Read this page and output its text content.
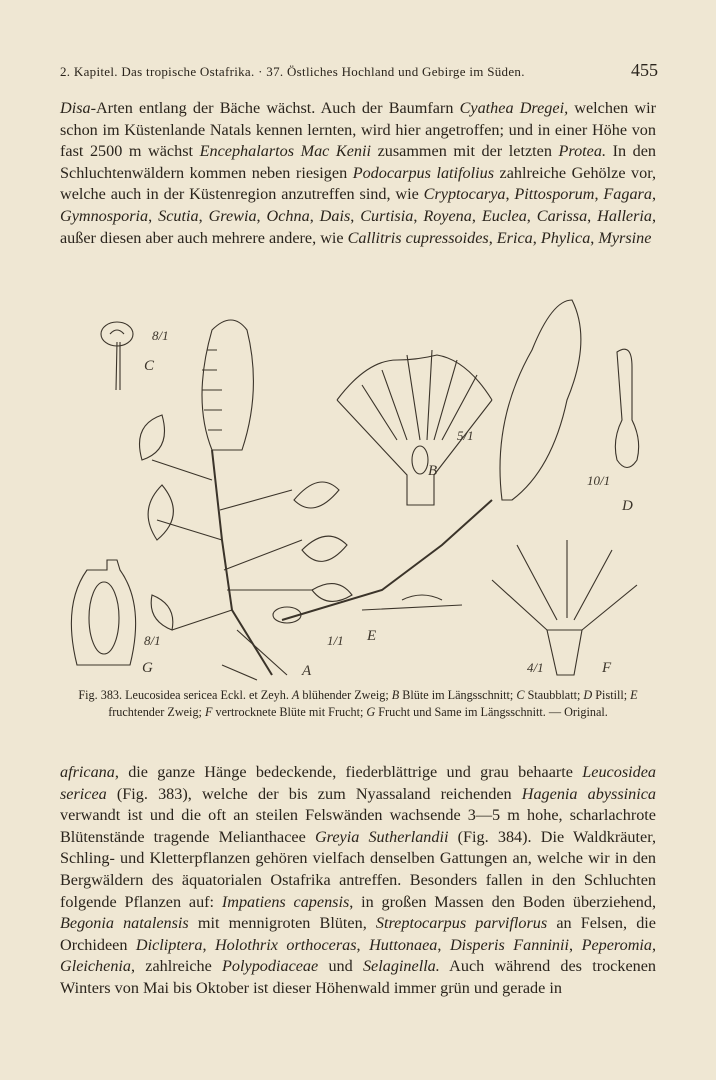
2. Kapitel. Das tropische Ostafrika. · 37. Östliches Hochland und Gebirge im Süden.	455
Disa-Arten entlang der Bäche wächst. Auch der Baumfarn Cyathea Dregei, welchen wir schon im Küstenlande Natals kennen lernten, wird hier angetroffen; und in einer Höhe von fast 2500 m wächst Encephalartos Mac Kenii zusammen mit der letzten Protea. In den Schluchtenwäldern kommen neben riesigen Podocarpus latifolius zahlreiche Gehölze vor, welche auch in der Küstenregion anzutreffen sind, wie Cryptocarya, Pittosporum, Fagara, Gymnosporia, Scutia, Grewia, Ochna, Dais, Curtisia, Royena, Euclea, Carissa, Halleria, außer diesen aber auch mehrere andere, wie Callitris cupressoides, Erica, Phylica, Myrsine
C
8/1
B
5/1
D
10/1
E
1/1
F
4/1
G
8/1
A
Fig. 383. Leucosidea sericea Eckl. et Zeyh. A blühender Zweig; B Blüte im Längsschnitt; C Staubblatt; D Pistill; E fruchtender Zweig; F vertrocknete Blüte mit Frucht; G Frucht und Same im Längsschnitt. — Original.
africana, die ganze Hänge bedeckende, fiederblättrige und grau behaarte Leucosidea sericea (Fig. 383), welche der bis zum Nyassaland reichenden Hagenia abyssinica verwandt ist und die oft an steilen Felswänden wachsende 3—5 m hohe, scharlachrote Blütenstände tragende Melianthacee Greyia Sutherlandii (Fig. 384). Die Waldkräuter, Schling- und Kletterpflanzen gehören vielfach denselben Gattungen an, welche wir in den Bergwäldern des äquatorialen Ostafrika antreffen. Besonders fallen in den Schluchten folgende Pflanzen auf: Impatiens capensis, in großen Massen den Boden überziehend, Begonia natalensis mit mennigroten Blüten, Streptocarpus parviflorus an Felsen, die Orchideen Dicliptera, Holothrix orthoceras, Huttonaea, Disperis Fanninii, Peperomia, Gleichenia, zahlreiche Polypodiaceae und Selaginella. Auch während des trockenen Winters von Mai bis Oktober ist dieser Höhenwald immer grün und gerade in
